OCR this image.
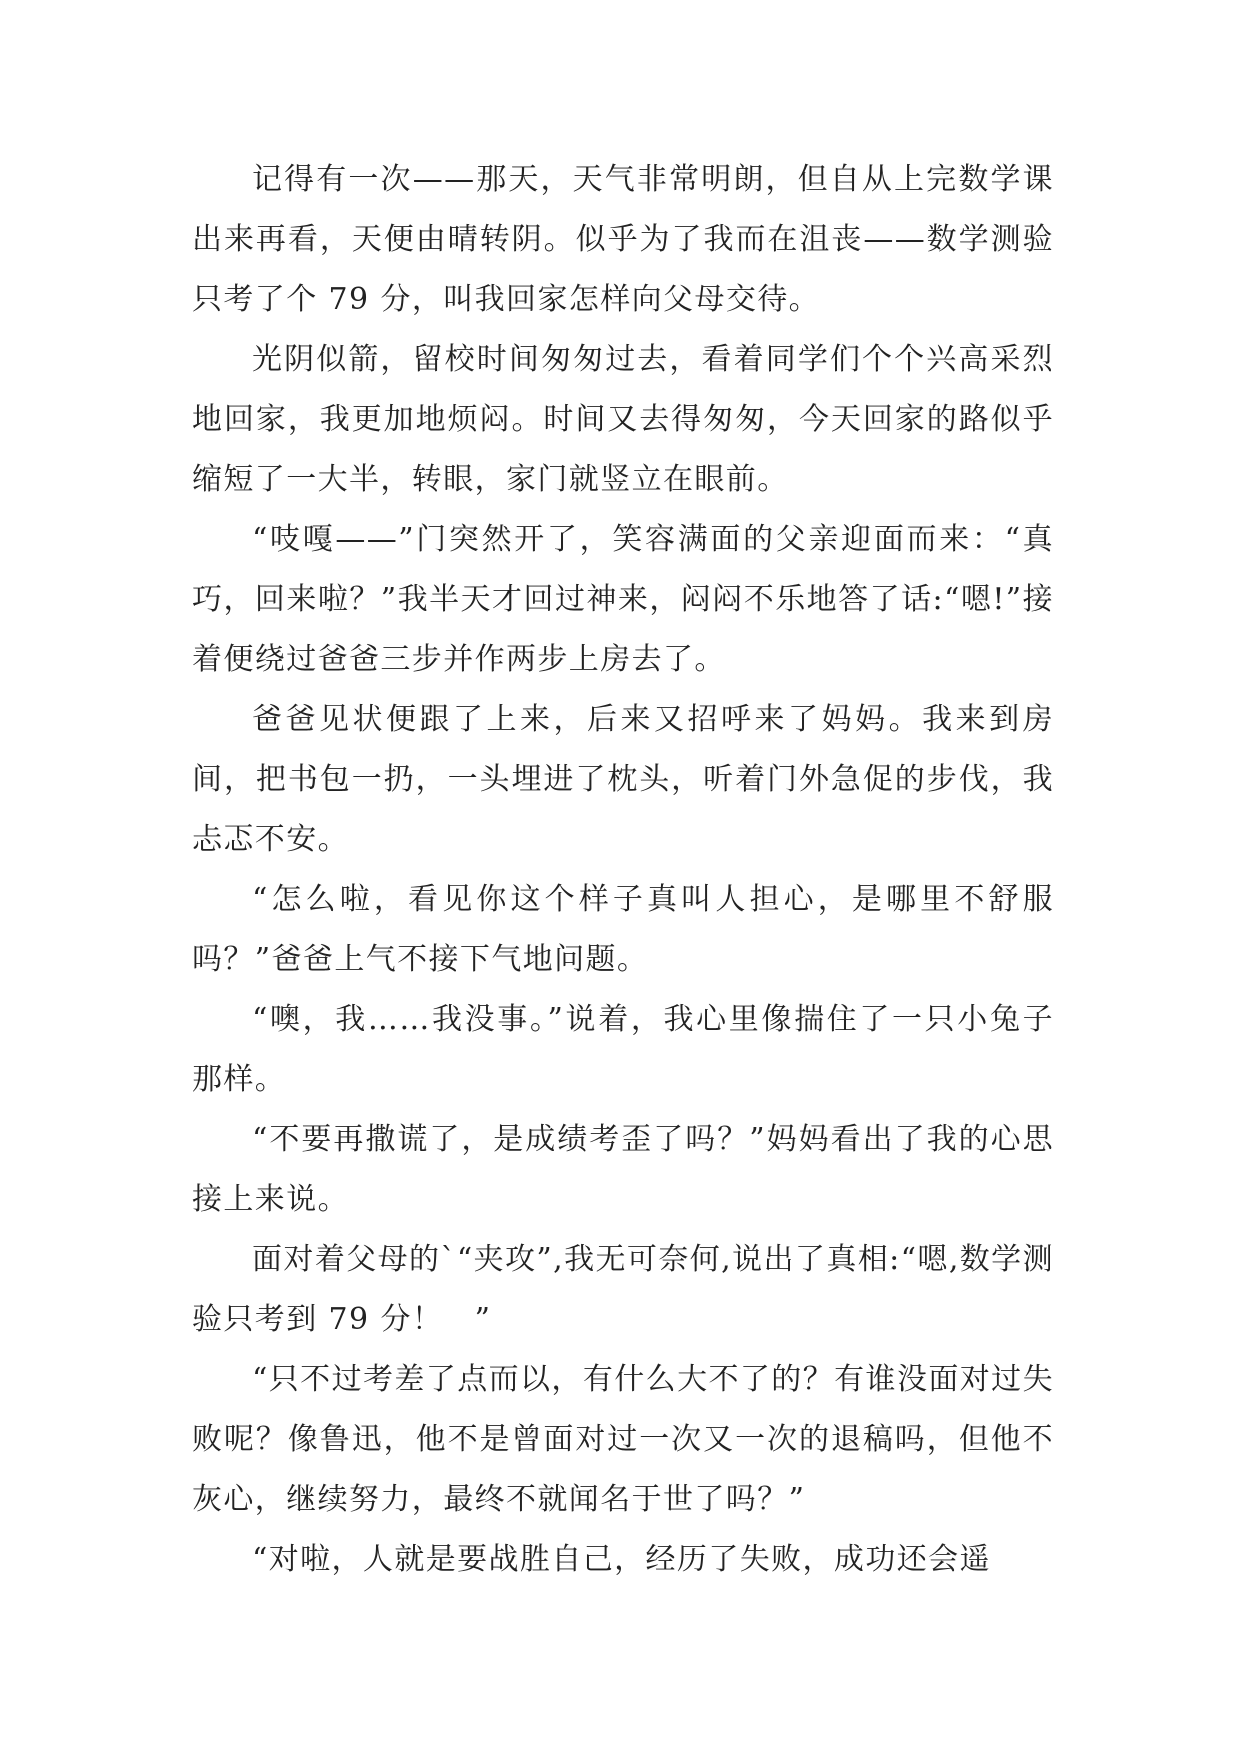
记得有一次——那天，天气非常明朗，但自从上完数学课出来再看，天便由晴转阴。似乎为了我而在沮丧——数学测验只考了个 79 分，叫我回家怎样向父母交待。

光阴似箭，留校时间匆匆过去，看着同学们个个兴高采烈地回家，我更加地烦闷。时间又去得匆匆，今天回家的路似乎缩短了一大半，转眼，家门就竖立在眼前。

“吱嘎——”门突然开了，笑容满面的父亲迎面而来：“真巧，回来啦？”我半天才回过神来，闷闷不乐地答了话:“嗯!”接着便绕过爸爸三步并作两步上房去了。

爸爸见状便跟了上来，后来又招呼来了妈妈。我来到房间，把书包一扔，一头埋进了枕头，听着门外急促的步伐，我忐忑不安。

“怎么啦，看见你这个样子真叫人担心，是哪里不舒服吗？”爸爸上气不接下气地问题。

“噢，我……我没事。”说着，我心里像揣住了一只小兔子那样。

“不要再撒谎了，是成绩考歪了吗？”妈妈看出了我的心思接上来说。

面对着父母的`“夹攻”,我无可奈何,说出了真相:“嗯,数学测验只考到 79 分！　”

“只不过考差了点而以，有什么大不了的？有谁没面对过失败呢？像鲁迅，他不是曾面对过一次又一次的退稿吗，但他不灰心，继续努力，最终不就闻名于世了吗？”

“对啦，人就是要战胜自己，经历了失败，成功还会遥
